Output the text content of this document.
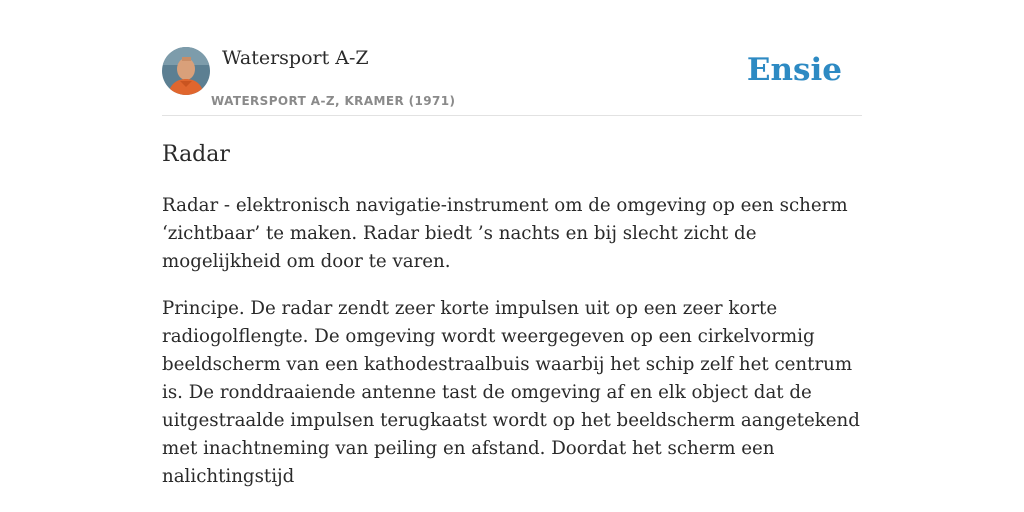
Watersport A-Z
WATERSPORT A-Z, KRAMER (1971)
Ensie
Radar

Radar - elektronisch navigatie-instrument om de omgeving op een scherm ‘zichtbaar’ te maken. Radar biedt ’s nachts en bij slecht zicht de mogelijkheid om door te varen.

Principe. De radar zendt zeer korte impulsen uit op een zeer korte radiogolflengte. De omgeving wordt weergegeven op een cirkelvormig beeldscherm van een kathodestraalbuis waarbij het schip zelf het centrum is. De ronddraaiende antenne tast de omgeving af en elk object dat de uitgestraalde impulsen terugkaatst wordt op het beeldscherm aangetekend met inachtneming van peiling en afstand. Doordat het scherm een nalichtingstijd
